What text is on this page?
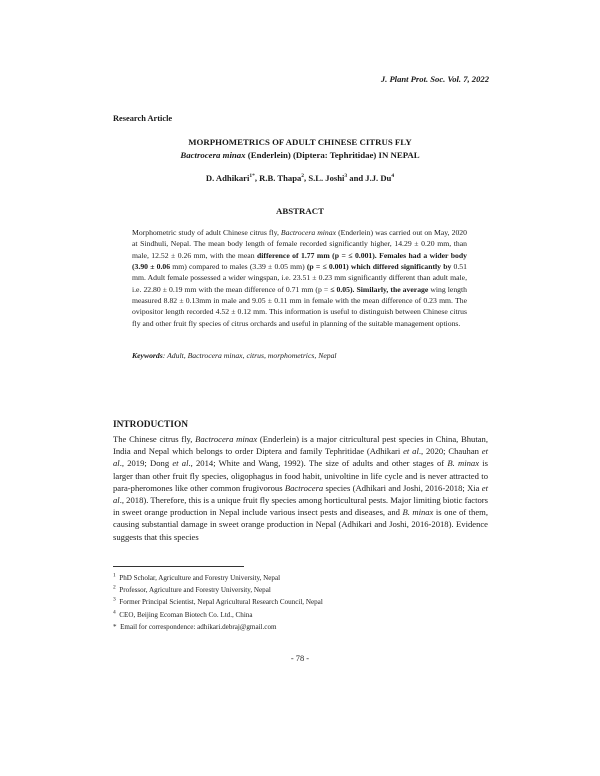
J. Plant Prot. Soc. Vol. 7, 2022
Research Article
MORPHOMETRICS OF ADULT CHINESE CITRUS FLY
Bactrocera minax (Enderlein) (Diptera: Tephritidae) IN NEPAL
D. Adhikari$^{1*}$, R.B. Thapa$^2$, S.L. Joshi$^3$ and J.J. Du$^4$
ABSTRACT
Morphometric study of adult Chinese citrus fly, Bactrocera minax (Enderlein) was carried out on May, 2020 at Sindhuli, Nepal. The mean body length of female recorded significantly higher, 14.29 ± 0.20 mm, than male, 12.52 ± 0.26 mm, with the mean difference of 1.77 mm (p = ≤ 0.001). Females had a wider body (3.90 ± 0.06 mm) compared to males (3.39 ± 0.05 mm) (p = ≤ 0.001) which differed significantly by 0.51 mm. Adult female possessed a wider wingspan, i.e. 23.51 ± 0.23 mm significantly different than adult male, i.e. 22.80 ± 0.19 mm with the mean difference of 0.71 mm (p = ≤ 0.05). Similarly, the average wing length measured 8.82 ± 0.13mm in male and 9.05 ± 0.11 mm in female with the mean difference of 0.23 mm. The ovipositor length recorded 4.52 ± 0.12 mm. This information is useful to distinguish between Chinese citrus fly and other fruit fly species of citrus orchards and useful in planning of the suitable management options.
Keywords: Adult, Bactrocera minax, citrus, morphometrics, Nepal
INTRODUCTION
The Chinese citrus fly, Bactrocera minax (Enderlein) is a major citricultural pest species in China, Bhutan, India and Nepal which belongs to order Diptera and family Tephritidae (Adhikari et al., 2020; Chauhan et al., 2019; Dong et al., 2014; White and Wang, 1992). The size of adults and other stages of B. minax is larger than other fruit fly species, oligophagus in food habit, univoltine in life cycle and is never attracted to para-pheromones like other common frugivorous Bactrocera species (Adhikari and Joshi, 2016-2018; Xia et al., 2018). Therefore, this is a unique fruit fly species among horticultural pests. Major limiting biotic factors in sweet orange production in Nepal include various insect pests and diseases, and B. minax is one of them, causing substantial damage in sweet orange production in Nepal (Adhikari and Joshi, 2016-2018). Evidence suggests that this species
$^1$ PhD Scholar, Agriculture and Forestry University, Nepal
$^2$ Professor, Agriculture and Forestry University, Nepal
$^3$ Former Principal Scientist, Nepal Agricultural Research Council, Nepal
$^4$ CEO, Beijing Ecoman Biotech Co. Ltd., China
* Email for correspondence: adhikari.debraj@gmail.com
- 78 -
